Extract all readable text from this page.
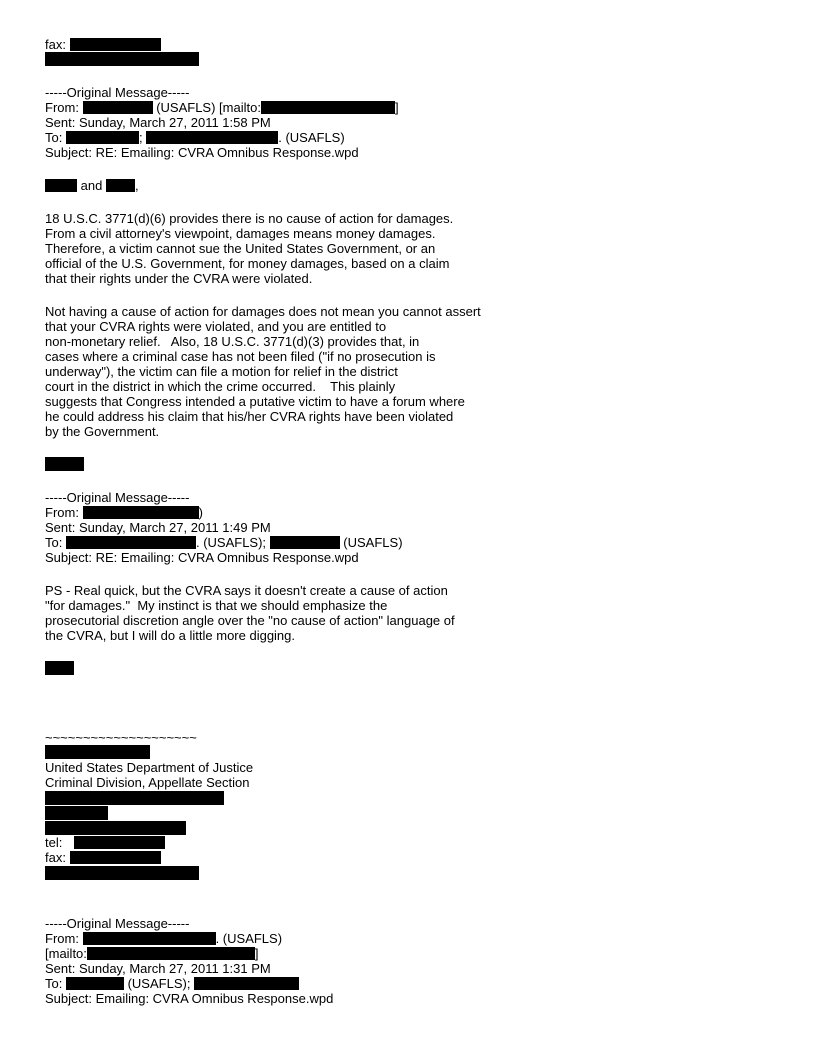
fax:
-----Original Message-----
From:	(USAFLS) [mailto:	]
Sent: Sunday, March 27, 2011 1:58 PM
To:	;	. (USAFLS)
Subject: RE: Emailing: CVRA Omnibus Response.wpd
and	,
18 U.S.C. 3771(d)(6) provides there is no cause of action for damages.
From a civil attorney's viewpoint, damages means money damages.
Therefore, a victim cannot sue the United States Government, or an
official of the U.S. Government, for money damages, based on a claim
that their rights under the CVRA were violated.
Not having a cause of action for damages does not mean you cannot assert
that your CVRA rights were violated, and you are entitled to
non-monetary relief.   Also, 18 U.S.C. 3771(d)(3) provides that, in
cases where a criminal case has not been filed ("if no prosecution is
underway"), the victim can file a motion for relief in the district
court in the district in which the crime occurred.    This plainly
suggests that Congress intended a putative victim to have a forum where
he could address his claim that his/her CVRA rights have been violated
by the Government.
-----Original Message-----
From:	)
Sent: Sunday, March 27, 2011 1:49 PM
To:	. (USAFLS);	(USAFLS)
Subject: RE: Emailing: CVRA Omnibus Response.wpd
PS - Real quick, but the CVRA says it doesn't create a cause of action
"for damages."  My instinct is that we should emphasize the
prosecutorial discretion angle over the "no cause of action" language of
the CVRA, but I will do a little more digging.
~~~~~~~~~~~~~~~~~~~~
United States Department of Justice
Criminal Division, Appellate Section
tel:
fax:
-----Original Message-----
From:	. (USAFLS)
[mailto:	]
Sent: Sunday, March 27, 2011 1:31 PM
To:	(USAFLS);
Subject: Emailing: CVRA Omnibus Response.wpd
